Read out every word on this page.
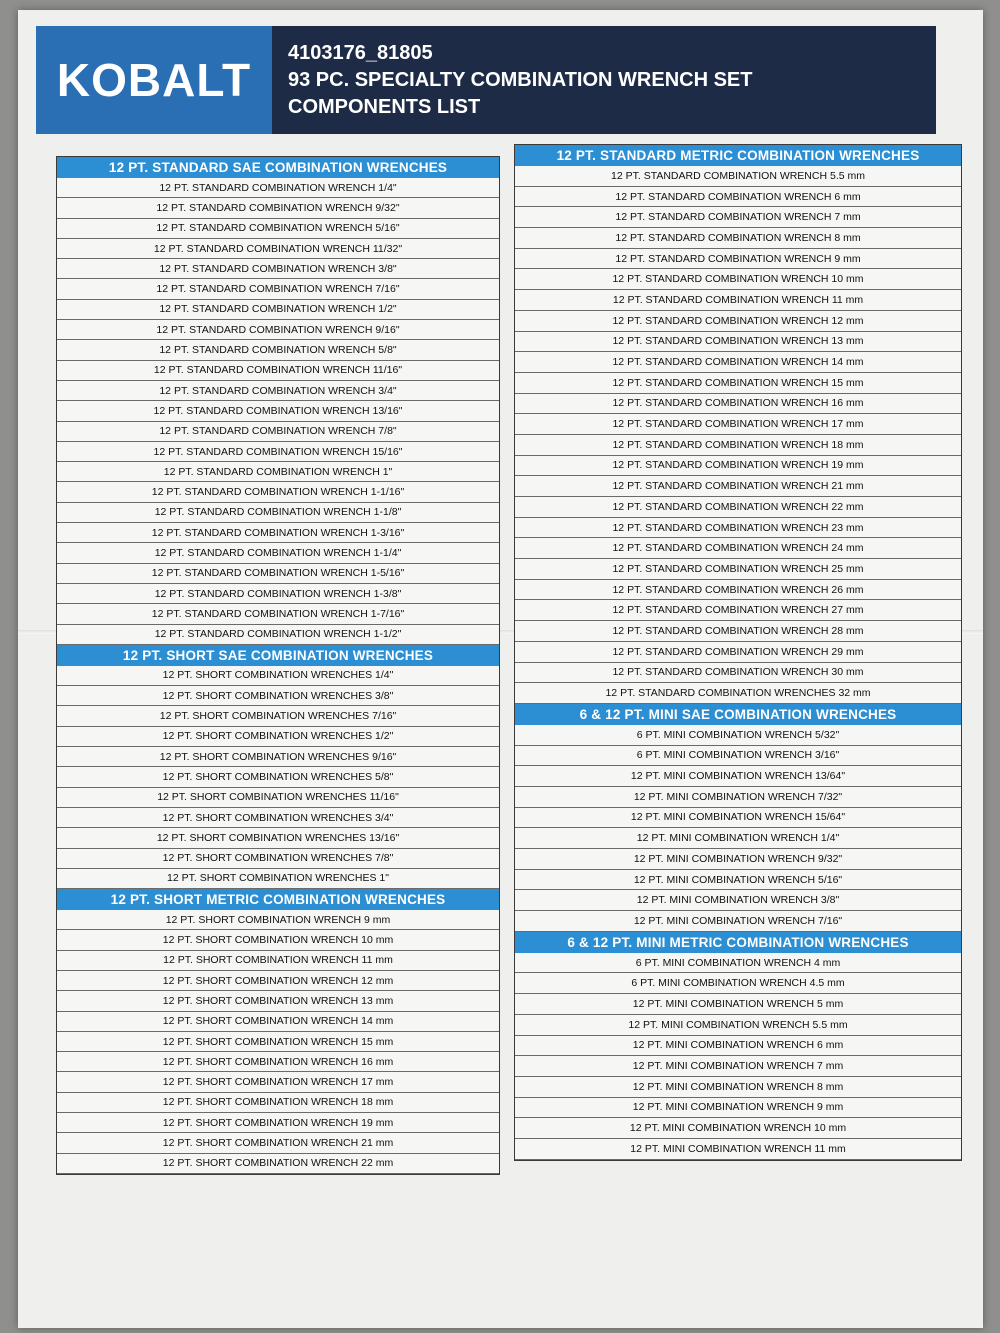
KOBALT
4103176_81805
93 PC. SPECIALTY COMBINATION WRENCH SET
COMPONENTS LIST
12 PT. STANDARD SAE COMBINATION WRENCHES
12 PT. STANDARD COMBINATION WRENCH 1/4"
12 PT. STANDARD COMBINATION WRENCH 9/32"
12 PT. STANDARD COMBINATION WRENCH 5/16"
12 PT. STANDARD COMBINATION WRENCH 11/32"
12 PT. STANDARD COMBINATION WRENCH 3/8"
12 PT. STANDARD COMBINATION WRENCH 7/16"
12 PT. STANDARD COMBINATION WRENCH 1/2"
12 PT. STANDARD COMBINATION WRENCH 9/16"
12 PT. STANDARD COMBINATION WRENCH 5/8"
12 PT. STANDARD COMBINATION WRENCH 11/16"
12 PT. STANDARD COMBINATION WRENCH 3/4"
12 PT. STANDARD COMBINATION WRENCH 13/16"
12 PT. STANDARD COMBINATION WRENCH 7/8"
12 PT. STANDARD COMBINATION WRENCH 15/16"
12 PT. STANDARD COMBINATION WRENCH 1"
12 PT. STANDARD COMBINATION WRENCH 1-1/16"
12 PT. STANDARD COMBINATION WRENCH 1-1/8"
12 PT. STANDARD COMBINATION WRENCH 1-3/16"
12 PT. STANDARD COMBINATION WRENCH 1-1/4"
12 PT. STANDARD COMBINATION WRENCH 1-5/16"
12 PT. STANDARD COMBINATION WRENCH 1-3/8"
12 PT. STANDARD COMBINATION WRENCH 1-7/16"
12 PT. STANDARD COMBINATION WRENCH 1-1/2"
12 PT. SHORT SAE COMBINATION WRENCHES
12 PT. SHORT COMBINATION WRENCHES 1/4"
12 PT. SHORT COMBINATION WRENCHES 3/8"
12 PT. SHORT COMBINATION WRENCHES 7/16"
12 PT. SHORT COMBINATION WRENCHES 1/2"
12 PT. SHORT COMBINATION WRENCHES 9/16"
12 PT. SHORT COMBINATION WRENCHES 5/8"
12 PT. SHORT COMBINATION WRENCHES 11/16"
12 PT. SHORT COMBINATION WRENCHES 3/4"
12 PT. SHORT COMBINATION WRENCHES 13/16"
12 PT. SHORT COMBINATION WRENCHES 7/8"
12 PT. SHORT COMBINATION WRENCHES 1"
12 PT. SHORT METRIC COMBINATION WRENCHES
12 PT. SHORT COMBINATION WRENCH 9 mm
12 PT. SHORT COMBINATION WRENCH 10 mm
12 PT. SHORT COMBINATION WRENCH 11 mm
12 PT. SHORT COMBINATION WRENCH 12 mm
12 PT. SHORT COMBINATION WRENCH 13 mm
12 PT. SHORT COMBINATION WRENCH 14 mm
12 PT. SHORT COMBINATION WRENCH 15 mm
12 PT. SHORT COMBINATION WRENCH 16 mm
12 PT. SHORT COMBINATION WRENCH 17 mm
12 PT. SHORT COMBINATION WRENCH 18 mm
12 PT. SHORT COMBINATION WRENCH 19 mm
12 PT. SHORT COMBINATION WRENCH 21 mm
12 PT. SHORT COMBINATION WRENCH 22 mm
12 PT. STANDARD METRIC COMBINATION WRENCHES
12 PT. STANDARD COMBINATION WRENCH 5.5 mm
12 PT. STANDARD COMBINATION WRENCH 6 mm
12 PT. STANDARD COMBINATION WRENCH 7 mm
12 PT. STANDARD COMBINATION WRENCH 8 mm
12 PT. STANDARD COMBINATION WRENCH 9 mm
12 PT. STANDARD COMBINATION WRENCH 10 mm
12 PT. STANDARD COMBINATION WRENCH 11 mm
12 PT. STANDARD COMBINATION WRENCH 12 mm
12 PT. STANDARD COMBINATION WRENCH 13 mm
12 PT. STANDARD COMBINATION WRENCH 14 mm
12 PT. STANDARD COMBINATION WRENCH 15 mm
12 PT. STANDARD COMBINATION WRENCH 16 mm
12 PT. STANDARD COMBINATION WRENCH 17 mm
12 PT. STANDARD COMBINATION WRENCH 18 mm
12 PT. STANDARD COMBINATION WRENCH 19 mm
12 PT. STANDARD COMBINATION WRENCH 21 mm
12 PT. STANDARD COMBINATION WRENCH 22 mm
12 PT. STANDARD COMBINATION WRENCH 23 mm
12 PT. STANDARD COMBINATION WRENCH 24 mm
12 PT. STANDARD COMBINATION WRENCH 25 mm
12 PT. STANDARD COMBINATION WRENCH 26 mm
12 PT. STANDARD COMBINATION WRENCH 27 mm
12 PT. STANDARD COMBINATION WRENCH 28 mm
12 PT. STANDARD COMBINATION WRENCH 29 mm
12 PT. STANDARD COMBINATION WRENCH 30 mm
12 PT. STANDARD COMBINATION WRENCHES 32 mm
6 & 12 PT. MINI SAE COMBINATION WRENCHES
6 PT. MINI COMBINATION WRENCH 5/32"
6 PT. MINI COMBINATION WRENCH 3/16"
12 PT. MINI COMBINATION WRENCH 13/64"
12 PT. MINI COMBINATION WRENCH 7/32"
12 PT. MINI COMBINATION WRENCH 15/64"
12 PT. MINI COMBINATION WRENCH 1/4"
12 PT. MINI COMBINATION WRENCH 9/32"
12 PT. MINI COMBINATION WRENCH 5/16"
12 PT. MINI COMBINATION WRENCH 3/8"
12 PT. MINI COMBINATION WRENCH 7/16"
6 & 12 PT. MINI METRIC COMBINATION WRENCHES
6 PT. MINI COMBINATION WRENCH 4 mm
6 PT. MINI COMBINATION WRENCH 4.5 mm
12 PT. MINI COMBINATION WRENCH 5 mm
12 PT. MINI COMBINATION WRENCH 5.5 mm
12 PT. MINI COMBINATION WRENCH 6 mm
12 PT. MINI COMBINATION WRENCH 7 mm
12 PT. MINI COMBINATION WRENCH 8 mm
12 PT. MINI COMBINATION WRENCH 9 mm
12 PT. MINI COMBINATION WRENCH 10 mm
12 PT. MINI COMBINATION WRENCH 11 mm
